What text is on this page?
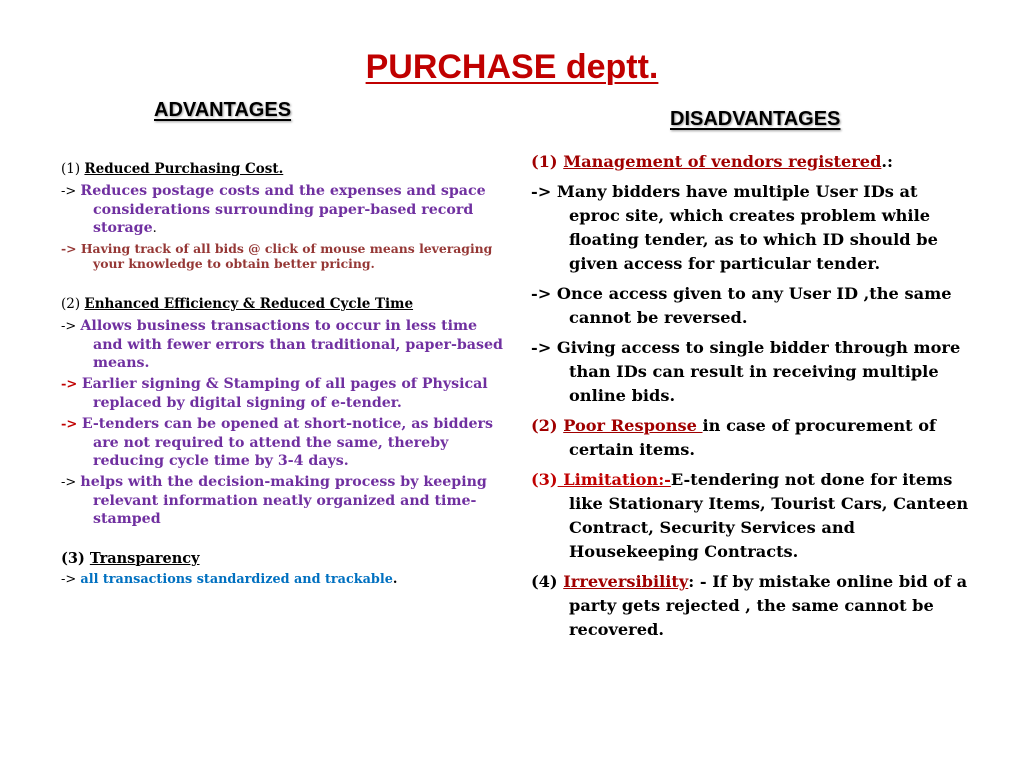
PURCHASE deptt.
ADVANTAGES	DISADVANTAGES

(1) Reduced Purchasing Cost.

-> Reduces postage costs and the expenses and space considerations surrounding paper-based record storage.

-> Having track of all bids @ click of mouse means leveraging your knowledge to obtain better pricing.

(2) Enhanced Efficiency & Reduced Cycle Time

-> Allows business transactions to occur in less time and with fewer errors than traditional, paper-based means.

-> Earlier signing & Stamping of all pages of Physical replaced by digital signing of e-tender.

-> E-tenders can be opened at short-notice, as bidders are not required to attend the same, thereby reducing cycle time by 3-4 days.

-> helps with the decision-making process by keeping relevant information neatly organized and time-stamped

(3) Transparency

-> all transactions standardized and trackable.

(1) Management of vendors registered.:

-> Many bidders have multiple User IDs at eproc site, which creates problem while floating tender, as to which ID should be given access for particular tender.

-> Once access given to any User ID ,the same cannot be reversed.

-> Giving access to single bidder through more than IDs can result in receiving multiple online bids.

(2) Poor Response in case of procurement of certain items.

(3) Limitation:-E-tendering not done for items like Stationary Items, Tourist Cars, Canteen Contract, Security Services and Housekeeping Contracts.

(4) Irreversibility: - If by mistake online bid of a party gets rejected , the same cannot be recovered.
